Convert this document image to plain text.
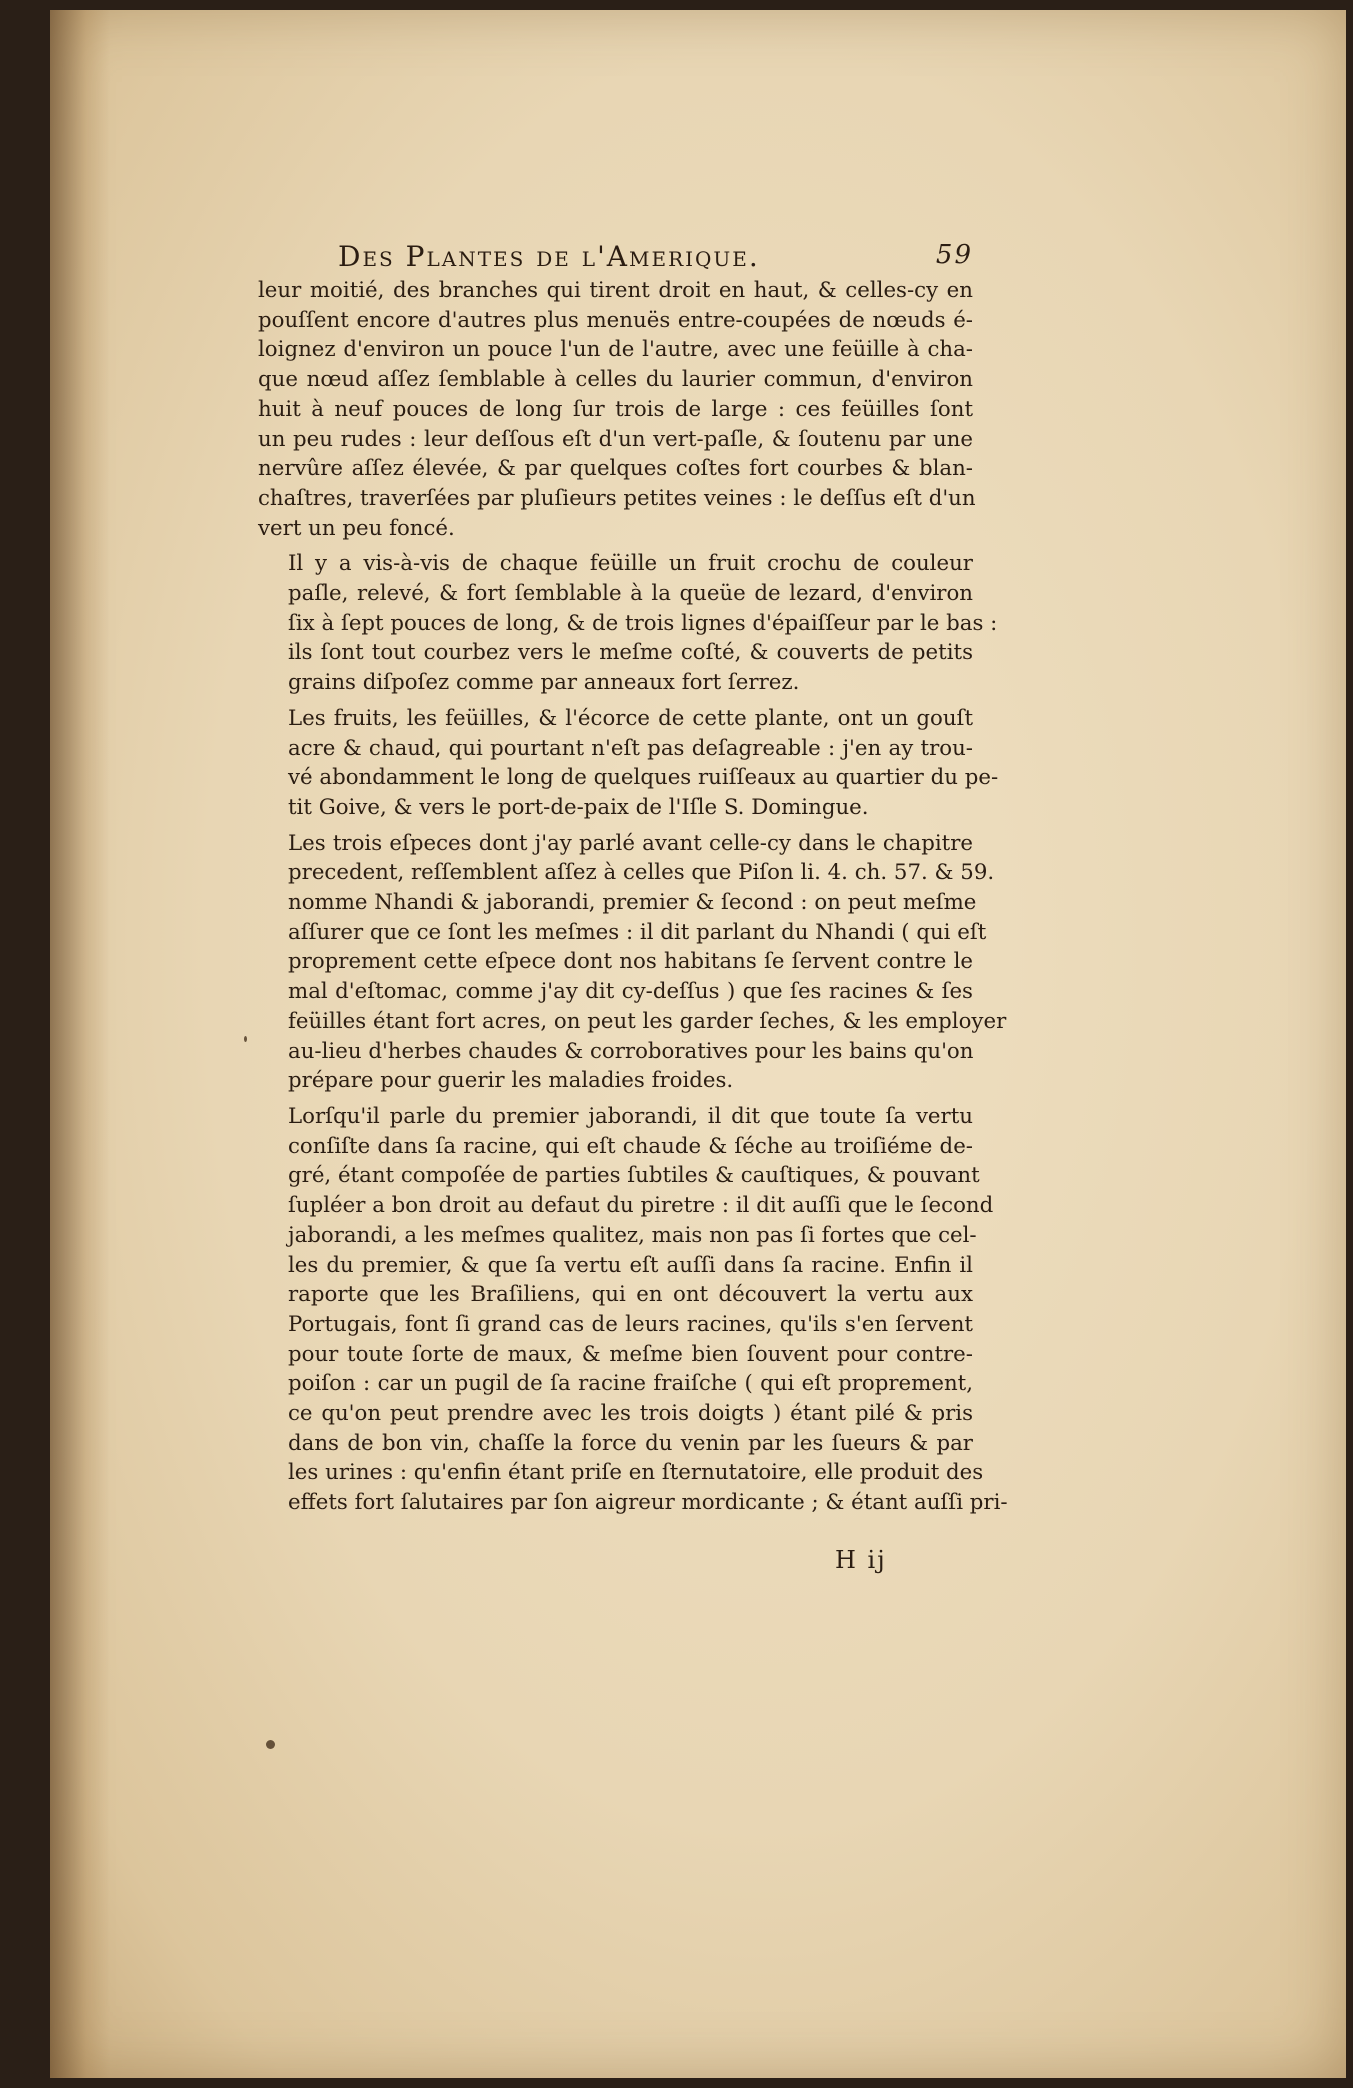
Des Plantes de l'Amerique.	59
leur moitié, des branches qui tirent droit en haut, & celles-cy en
pouſſent encore d'autres plus menuës entre-coupées de nœuds é-
loignez d'environ un pouce l'un de l'autre, avec une feüille à cha-
que nœud aſſez ſemblable à celles du laurier commun, d'environ
huit à neuf pouces de long ſur trois de large : ces feüilles ſont
un peu rudes : leur deſſous eſt d'un vert-paſle, & ſoutenu par une
nervûre aſſez élevée, & par quelques coſtes fort courbes & blan-
chaſtres, traverſées par pluſieurs petites veines : le deſſus eſt d'un
vert un peu foncé.
Il y a vis-à-vis de chaque feüille un fruit crochu de couleur
paſle, relevé, & fort ſemblable à la queüe de lezard, d'environ
ſix à ſept pouces de long, & de trois lignes d'épaiſſeur par le bas :
ils ſont tout courbez vers le meſme coſté, & couverts de petits
grains diſpoſez comme par anneaux fort ſerrez.
Les fruits, les feüilles, & l'écorce de cette plante, ont un gouſt
acre & chaud, qui pourtant n'eſt pas deſagreable : j'en ay trou-
vé abondamment le long de quelques ruiſſeaux au quartier du pe-
tit Goive, & vers le port-de-paix de l'Iſle S. Domingue.
Les trois eſpeces dont j'ay parlé avant celle-cy dans le chapitre
precedent, reſſemblent aſſez à celles que Piſon li. 4. ch. 57. & 59.
nomme Nhandi & jaborandi, premier & ſecond : on peut meſme
aſſurer que ce ſont les meſmes : il dit parlant du Nhandi ( qui eſt
proprement cette eſpece dont nos habitans ſe ſervent contre le
mal d'eſtomac, comme j'ay dit cy-deſſus ) que ſes racines & ſes
feüilles étant fort acres, on peut les garder ſeches, & les employer
au-lieu d'herbes chaudes & corroboratives pour les bains qu'on
prépare pour guerir les maladies froides.
Lorſqu'il parle du premier jaborandi, il dit que toute ſa vertu
conſiſte dans ſa racine, qui eſt chaude & ſéche au troiſiéme de-
gré, étant compoſée de parties ſubtiles & cauſtiques, & pouvant
ſupléer a bon droit au defaut du piretre : il dit auſſi que le ſecond
jaborandi, a les meſmes qualitez, mais non pas ſi fortes que cel-
les du premier, & que ſa vertu eſt auſſi dans ſa racine. Enfin il
raporte que les Braſiliens, qui en ont découvert la vertu aux
Portugais, font ſi grand cas de leurs racines, qu'ils s'en ſervent
pour toute ſorte de maux, & meſme bien ſouvent pour contre-
poiſon : car un pugil de ſa racine fraiſche ( qui eſt proprement,
ce qu'on peut prendre avec les trois doigts ) étant pilé & pris
dans de bon vin, chaſſe la force du venin par les ſueurs & par
les urines : qu'enfin étant priſe en ſternutatoire, elle produit des
effets fort ſalutaires par ſon aigreur mordicante ; & étant auſſi pri-
H ij
